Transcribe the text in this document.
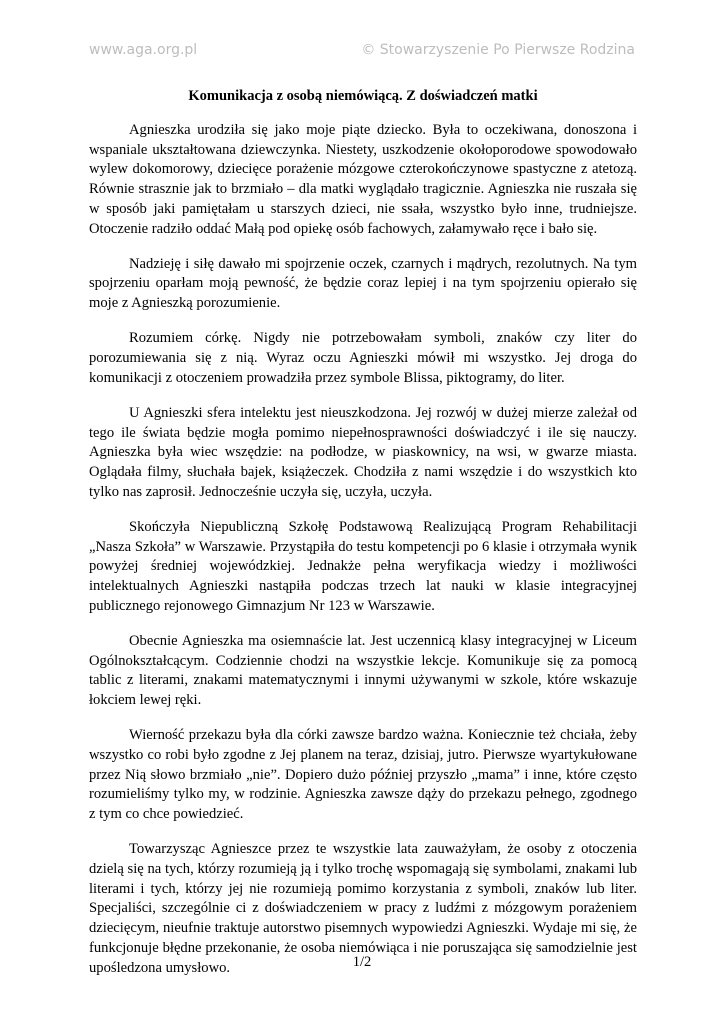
www.aga.org.pl	© Stowarzyszenie Po Pierwsze Rodzina
Komunikacja z osobą niemówiącą. Z doświadczeń matki

Agnieszka urodziła się jako moje piąte dziecko. Była to oczekiwana, donoszona i wspaniale ukształtowana dziewczynka. Niestety, uszkodzenie okołoporodowe spowodowało wylew dokomorowy, dziecięce porażenie mózgowe czterokończynowe spastyczne z atetozą. Równie strasznie jak to brzmiało – dla matki wyglądało tragicznie. Agnieszka nie ruszała się w sposób jaki pamiętałam u starszych dzieci, nie ssała, wszystko było inne, trudniejsze. Otoczenie radziło oddać Małą pod opiekę osób fachowych, załamywało ręce i bało się.

Nadzieję i siłę dawało mi spojrzenie oczek, czarnych i mądrych, rezolutnych. Na tym spojrzeniu oparłam moją pewność, że będzie coraz lepiej i na tym spojrzeniu opierało się moje z Agnieszką porozumienie.

Rozumiem córkę. Nigdy nie potrzebowałam symboli, znaków czy liter do porozumiewania się z nią. Wyraz oczu Agnieszki mówił mi wszystko. Jej droga do komunikacji z otoczeniem prowadziła przez symbole Blissa, piktogramy, do liter.

U Agnieszki sfera intelektu jest nieuszkodzona. Jej rozwój w dużej mierze zależał od tego ile świata będzie mogła pomimo niepełnosprawności doświadczyć i ile się nauczy. Agnieszka była wiec wszędzie: na podłodze, w piaskownicy, na wsi, w gwarze miasta. Oglądała filmy, słuchała bajek, książeczek. Chodziła z nami wszędzie i do wszystkich kto tylko nas zaprosił. Jednocześnie uczyła się, uczyła, uczyła.

Skończyła Niepubliczną Szkołę Podstawową Realizującą Program Rehabilitacji „Nasza Szkoła” w Warszawie. Przystąpiła do testu kompetencji po 6 klasie i otrzymała wynik powyżej średniej wojewódzkiej. Jednakże pełna weryfikacja wiedzy i możliwości intelektualnych Agnieszki nastąpiła podczas trzech lat nauki w klasie integracyjnej publicznego rejonowego Gimnazjum Nr 123 w Warszawie.

Obecnie Agnieszka ma osiemnaście lat. Jest uczennicą klasy integracyjnej w Liceum Ogólnokształcącym. Codziennie chodzi na wszystkie lekcje. Komunikuje się za pomocą tablic z literami, znakami matematycznymi i innymi używanymi w szkole, które wskazuje łokciem lewej ręki.

Wierność przekazu była dla córki zawsze bardzo ważna. Koniecznie też chciała, żeby wszystko co robi było zgodne z Jej planem na teraz, dzisiaj, jutro. Pierwsze wyartykułowane przez Nią słowo brzmiało „nie”. Dopiero dużo później przyszło „mama” i inne, które często rozumieliśmy tylko my, w rodzinie. Agnieszka zawsze dąży do przekazu pełnego, zgodnego z tym co chce powiedzieć.

Towarzysząc Agnieszce przez te wszystkie lata zauważyłam, że osoby z otoczenia dzielą się na tych, którzy rozumieją ją i tylko trochę wspomagają się symbolami, znakami lub literami i tych, którzy jej nie rozumieją pomimo korzystania z symboli, znaków lub liter. Specjaliści, szczególnie ci z doświadczeniem w pracy z ludźmi z mózgowym porażeniem dziecięcym, nieufnie traktuje autorstwo pisemnych wypowiedzi Agnieszki. Wydaje mi się, że funkcjonuje błędne przekonanie, że osoba niemówiąca i nie poruszająca się samodzielnie jest upośledzona umysłowo.	1/2
